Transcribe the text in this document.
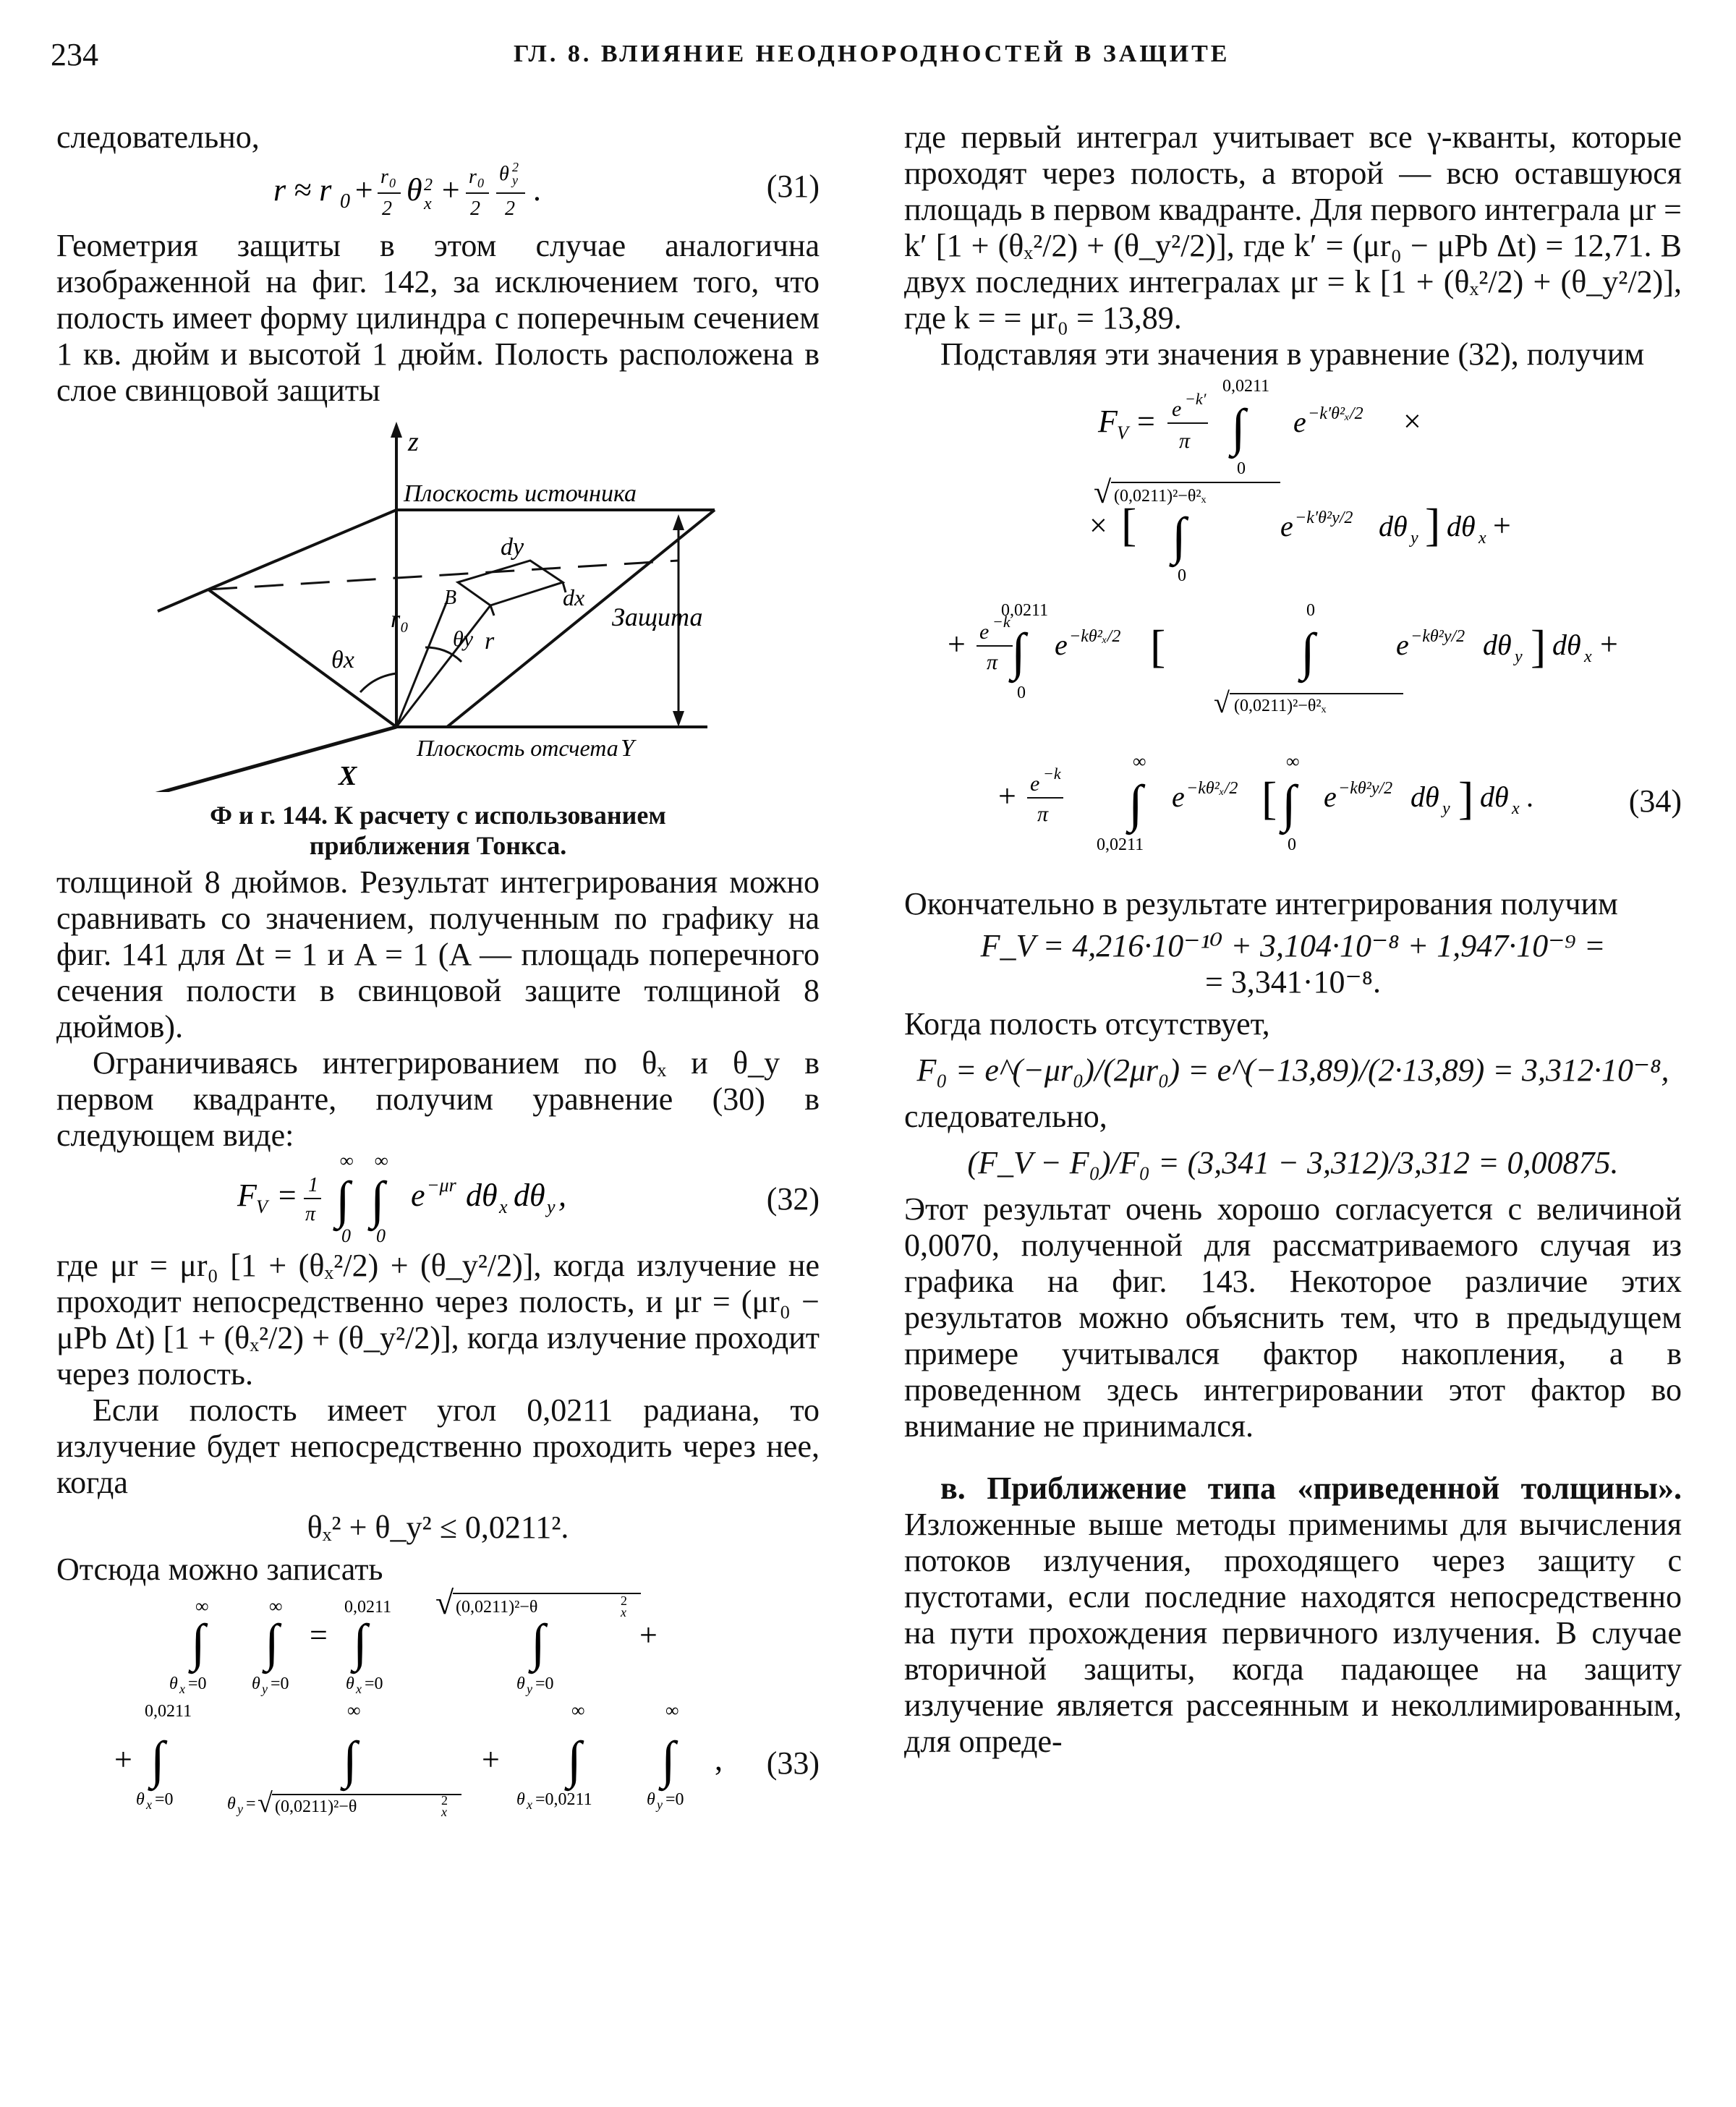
234	ГЛ. 8. ВЛИЯНИЕ НЕОДНОРОДНОСТЕЙ В ЗАЩИТЕ

следовательно,

r ≈ r 0 + r 0
2
θ 2
x + r 0
2
θ 2
y
2
.	(31)

Геометрия защиты в этом случае аналогична изображенной на фиг. 142, за исключением того, что полость имеет форму цилиндра с поперечным сечением 1 кв. дюйм и высотой 1 дюйм. Полость расположена в слое свинцовой защиты

z
X
Y
Плоскость источника
Защита
dy
dx
r₀
r
B
θx
θy
Плоскость отсчета

Ф и г. 144. К расчету с использованием

приближения Тонкса.

толщиной 8 дюймов. Результат интегрирования можно сравнивать со значением, полученным по графику на фиг. 141 для Δt = 1 и A = 1 (A — площадь поперечного сечения полости в свинцовой защите толщиной 8 дюймов).

Ограничиваясь интегрированием по θₓ и θ_y в первом квадранте, получим уравнение (30) в следующем виде:

F V = 1
π
∞
∫
0
∞
∫
0
e −μr dθ x dθ y ,	(32)

где μr = μr₀ [1 + (θₓ²/2) + (θ_y²/2)], когда излучение не проходит непосредственно через полость, и μr = (μr₀ − μPb Δt) [1 + (θₓ²/2) + (θ_y²/2)], когда излучение проходит через полость.

Если полость имеет угол 0,0211 радиана, то излучение будет непосредственно проходить через нее, когда

θₓ² + θ_y² ≤ 0,0211².

Отсюда можно записать

∞
∫
θ x =0
∞
∫
θ y =0
=
0,0211
∫
θ x =0
√ (0,0211)²−θ	2
x
∫
θ y =0
+
0,0211
+ ∫
θ x =0
∞
∫
θ y = √ (0,0211)²−θ	2
x
+
∞
∫
θ x =0,0211
∞
∫
θ y =0
, (33)

где первый интеграл учитывает все γ-кванты, которые проходят через полость, а второй — всю оставшуюся площадь в первом квадранте. Для первого интеграла μr = k′ [1 + (θₓ²/2) + (θ_y²/2)], где k′ = (μr₀ − μPb Δt) = 12,71. В двух последних интегралах μr = k [1 + (θₓ²/2) + (θ_y²/2)], где k = = μr₀ = 13,89.

Подставляя эти значения в уравнение (32), получим

F V = e −k′
π
0,0211
∫
0
e −k′θ²ₓ/2 ×
× [
√ (0,0211)²−θ²ₓ
∫
0
e −k′θ²y/2 dθ y ] dθ x +
+ e −k
π
0,0211
∫
0
e −kθ²ₓ/2 [
0
∫
√ (0,0211)²−θ²ₓ
e −kθ²y/2 dθ y ] dθ x +
+ e −k
π
∞
∫
0,0211
e −kθ²ₓ/2 [
∞
∫
0
e −kθ²y/2 dθ y ] dθ x .	(34)

Окончательно в результате интегрирования получим

F_V = 4,216·10⁻¹⁰ + 3,104·10⁻⁸ + 1,947·10⁻⁹ =

= 3,341·10⁻⁸.

Когда полость отсутствует,

F₀ = e^(−μr₀)/(2μr₀) = e^(−13,89)/(2·13,89) = 3,312·10⁻⁸,

следовательно,

(F_V − F₀)/F₀ = (3,341 − 3,312)/3,312 = 0,00875.

Этот результат очень хорошо согласуется с величиной 0,0070, полученной для рассматриваемого случая из графика на фиг. 143. Некоторое различие этих результатов можно объяснить тем, что в предыдущем примере учитывался фактор накопления, а в проведенном здесь интегрировании этот фактор во внимание не принимался.

в. Приближение типа «приведенной толщины». Изложенные выше методы применимы для вычисления потоков излучения, проходящего через защиту с пустотами, если последние находятся непосредственно на пути прохождения первичного излучения. В случае вторичной защиты, когда падающее на защиту излучение является рассеянным и неколлимированным, для опреде-
